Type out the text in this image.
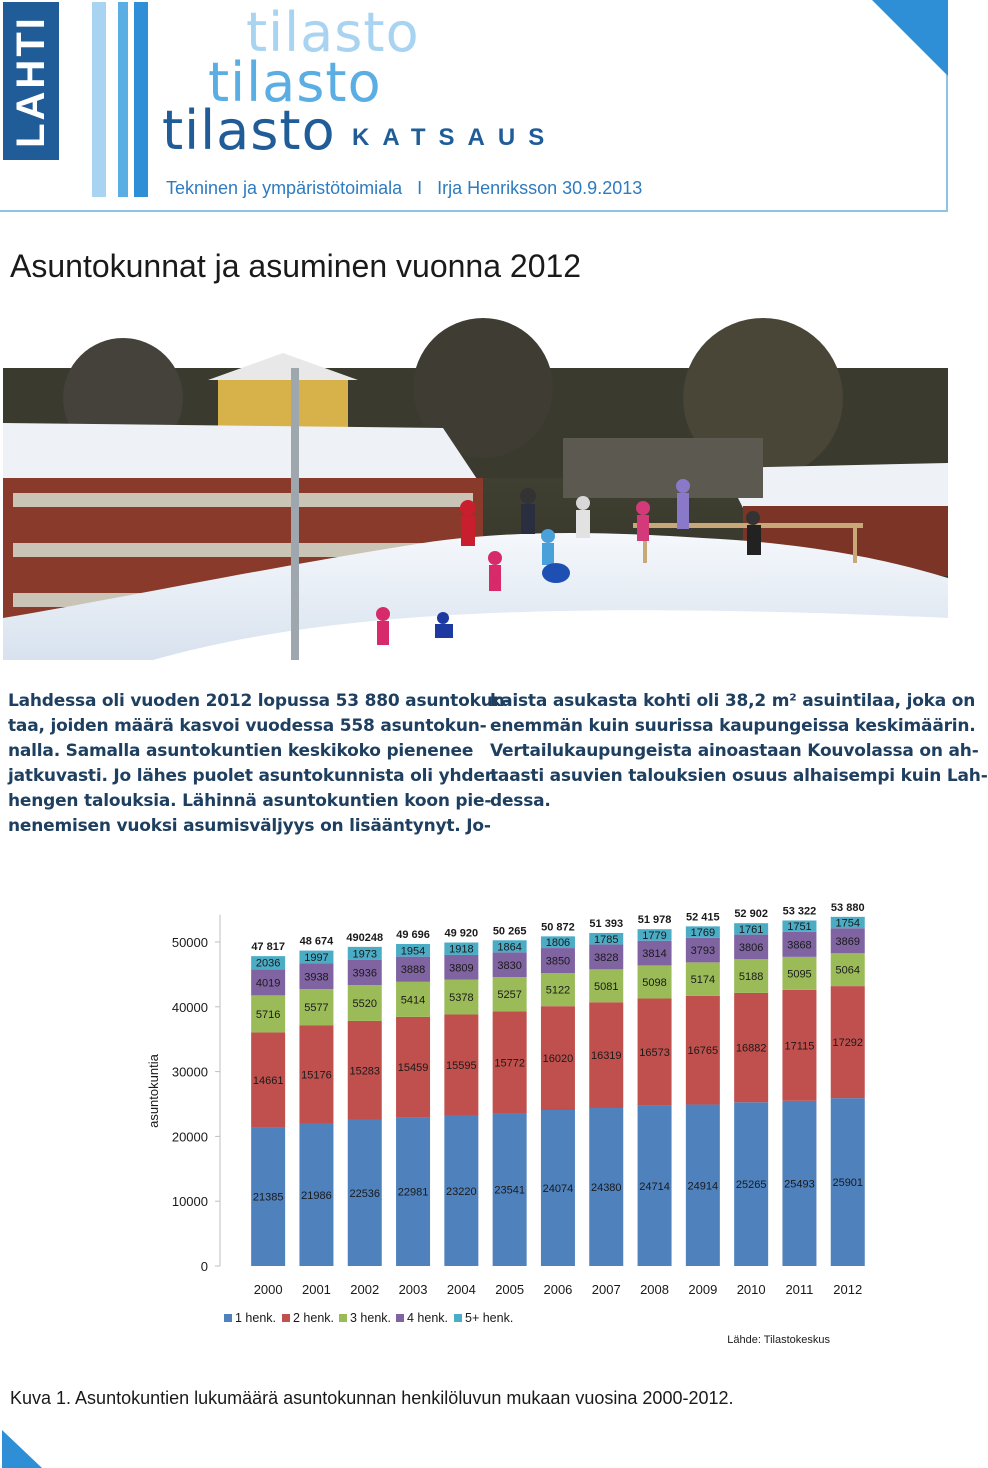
LAHTI	tilasto
tilasto
tilasto KATSAUS
Tekninen ja ympäristötoimiala   I   Irja Henriksson 30.9.2013
Asuntokunnat ja asuminen vuonna 2012
Lahdessa oli vuoden 2012 lopussa 53 880 asuntokun-
taa, joiden määrä kasvoi vuodessa 558 asuntokun-
nalla. Samalla asuntokuntien keskikoko pienenee
jatkuvasti. Jo lähes puolet asuntokunnista oli yhden
hengen talouksia. Lähinnä asuntokuntien koon pie-
nenemisen vuoksi asumisväljyys on lisääntynyt. Jo-
kaista asukasta kohti oli 38,2 m² asuintilaa, joka on
enemmän kuin suurissa kaupungeissa keskimäärin.
Vertailukaupungeista ainoastaan Kouvolassa on ah-
taasti asuvien talouksien osuus alhaisempi kuin Lah-
dessa.
0
10000
20000
30000
40000
50000
asuntokuntia
21385
14661
5716
4019
2036
47 817
2000
21986
15176
5577
3938
1997
48 674
2001
22536
15283
5520
3936
1973
490248
2002
22981
15459
5414
3888
1954
49 696
2003
23220
15595
5378
3809
1918
49 920
2004
23541
15772
5257
3830
1864
50 265
2005
24074
16020
5122
3850
1806
50 872
2006
24380
16319
5081
3828
1785
51 393
2007
24714
16573
5098
3814
1779
51 978
2008
24914
16765
5174
3793
1769
52 415
2009
25265
16882
5188
3806
1761
52 902
2010
25493
17115
5095
3868
1751
53 322
2011
25901
17292
5064
3869
1754
53 880
2012
1 henk. 2 henk. 3 henk. 4 henk. 5+ henk.
Lähde: Tilastokeskus
Kuva 1. Asuntokuntien lukumäärä asuntokunnan henkilöluvun mukaan vuosina 2000-2012.
